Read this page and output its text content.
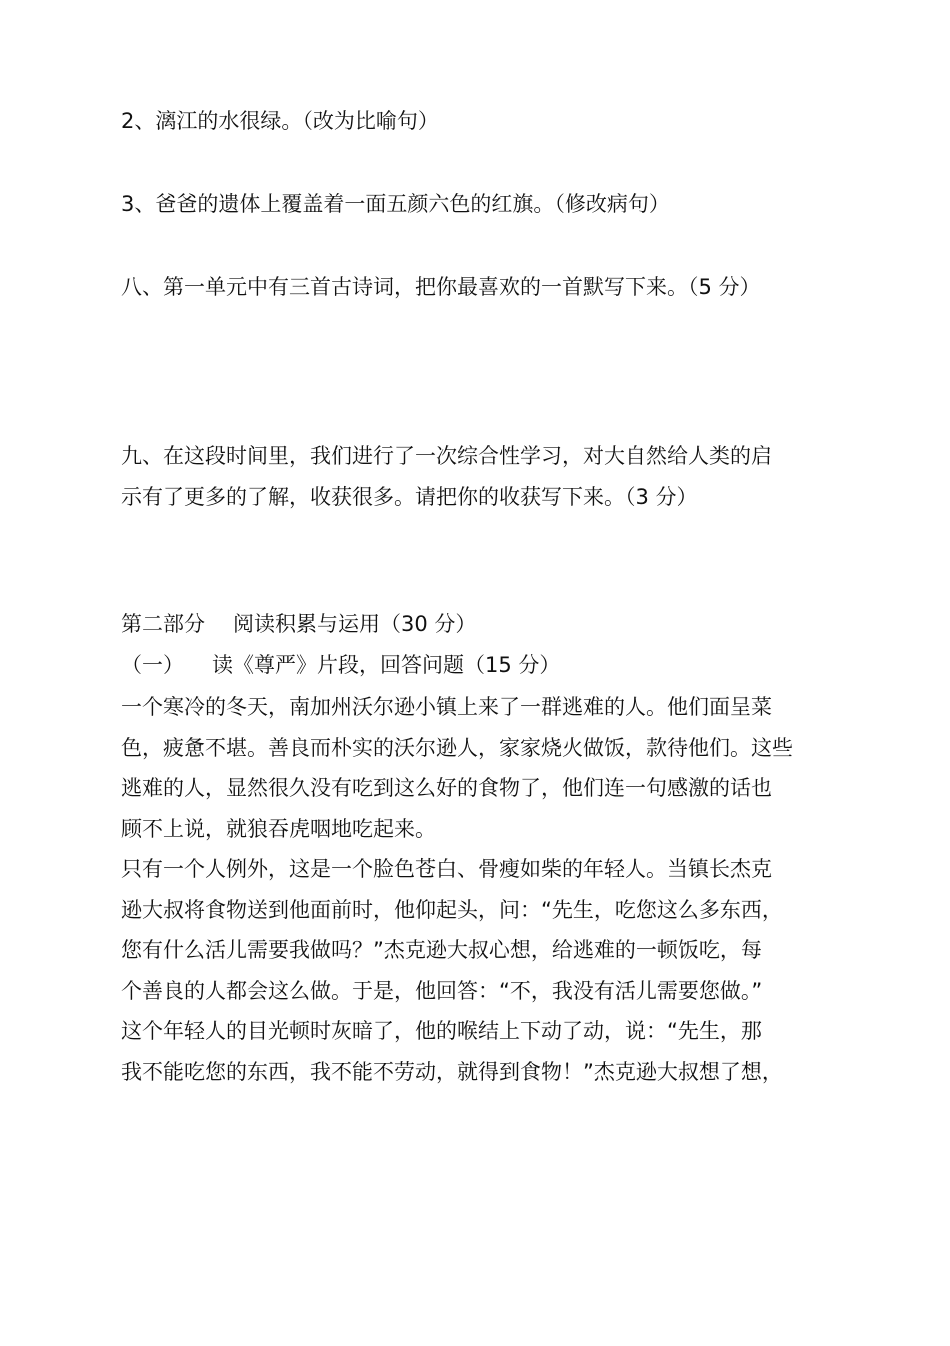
2、漓江的水很绿。（改为比喻句）
3、爸爸的遗体上覆盖着一面五颜六色的红旗。（修改病句）
八、第一单元中有三首古诗词，把你最喜欢的一首默写下来。（5 分）
九、在这段时间里，我们进行了一次综合性学习，对大自然给人类的启
示有了更多的了解，收获很多。请把你的收获写下来。（3 分）
第二部分 阅读积累与运用（30 分）
（一） 读《尊严》片段，回答问题（15 分）
一个寒冷的冬天，南加州沃尔逊小镇上来了一群逃难的人。他们面呈菜
色，疲惫不堪。善良而朴实的沃尔逊人，家家烧火做饭，款待他们。这些
逃难的人，显然很久没有吃到这么好的食物了，他们连一句感激的话也
顾不上说，就狼吞虎咽地吃起来。
只有一个人例外，这是一个脸色苍白、骨瘦如柴的年轻人。当镇长杰克
逊大叔将食物送到他面前时，他仰起头，问：“先生，吃您这么多东西，
您有什么活儿需要我做吗？”杰克逊大叔心想，给逃难的一顿饭吃，每
个善良的人都会这么做。于是，他回答：“不，我没有活儿需要您做。”
这个年轻人的目光顿时灰暗了，他的喉结上下动了动，说：“先生，那
我不能吃您的东西，我不能不劳动，就得到食物！”杰克逊大叔想了想，
